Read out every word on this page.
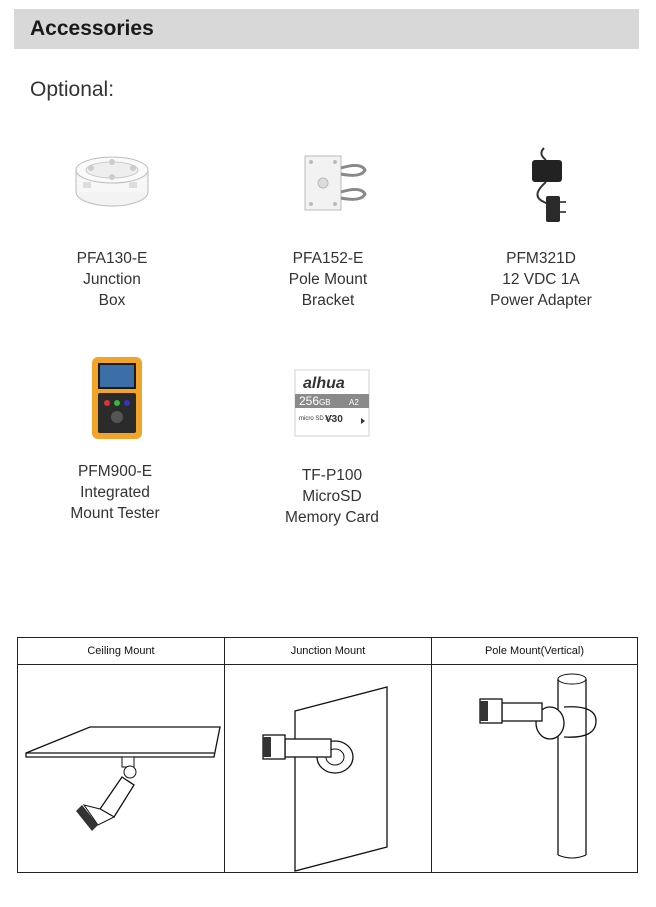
Accessories
Optional:
PFA130-E
Junction
Box
PFA152-E
Pole Mount
Bracket
PFM321D
12 VDC 1A
Power Adapter
PFM900-E
Integrated
Mount Tester
alhua
256 GB A2
micro SD XC
V30
TF-P100
MicroSD
Memory Card
Ceiling Mount	Junction Mount	Pole Mount(Vertical)
